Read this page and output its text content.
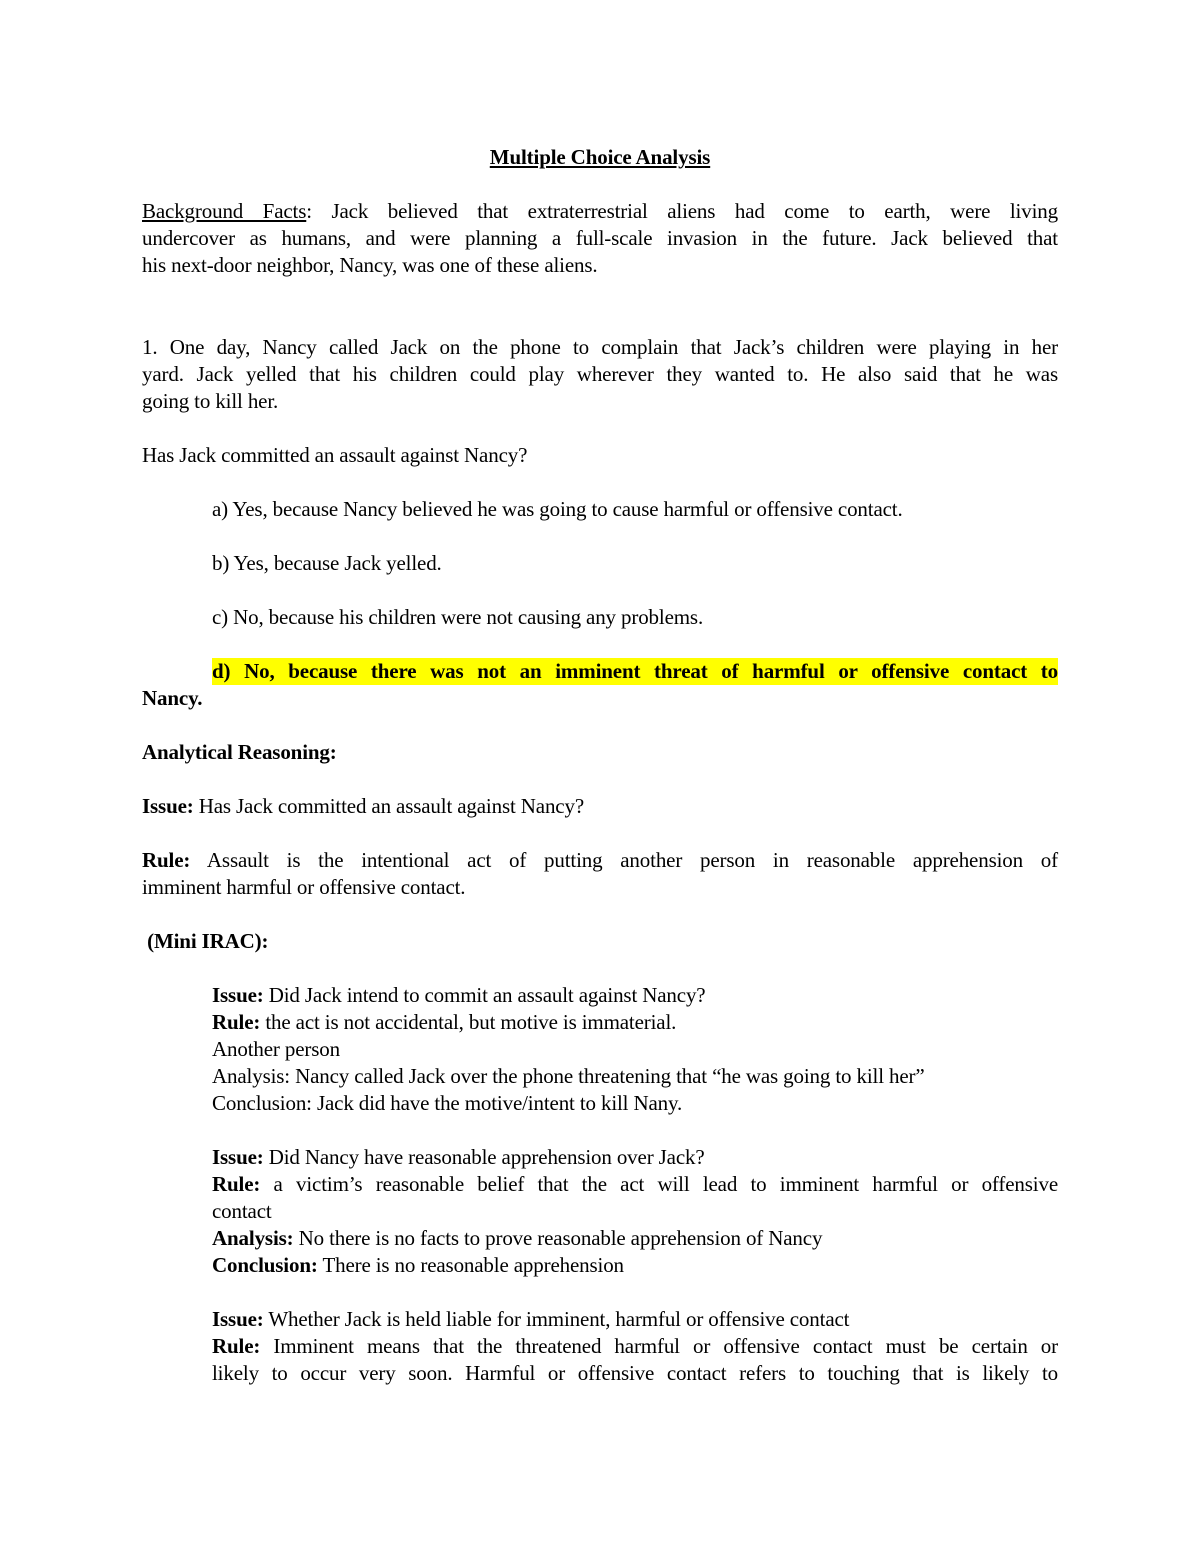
Multiple Choice Analysis
Background Facts: Jack believed that extraterrestrial aliens had come to earth, were living
undercover as humans, and were planning a full-scale invasion in the future. Jack believed that
his next-door neighbor, Nancy, was one of these aliens.
1. One day, Nancy called Jack on the phone to complain that Jack’s children were playing in her
yard. Jack yelled that his children could play wherever they wanted to. He also said that he was
going to kill her.
Has Jack committed an assault against Nancy?
a) Yes, because Nancy believed he was going to cause harmful or offensive contact.
b) Yes, because Jack yelled.
c) No, because his children were not causing any problems.
d) No, because there was not an imminent threat of harmful or offensive contact to
Nancy.
Analytical Reasoning:
Issue: Has Jack committed an assault against Nancy?
Rule: Assault is the intentional act of putting another person in reasonable apprehension of
imminent harmful or offensive contact.
(Mini IRAC):
Issue: Did Jack intend to commit an assault against Nancy?
Rule: the act is not accidental, but motive is immaterial.
Another person
Analysis: Nancy called Jack over the phone threatening that “he was going to kill her”
Conclusion: Jack did have the motive/intent to kill Nany.
Issue: Did Nancy have reasonable apprehension over Jack?
Rule: a victim’s reasonable belief that the act will lead to imminent harmful or offensive
contact
Analysis: No there is no facts to prove reasonable apprehension of Nancy
Conclusion: There is no reasonable apprehension
Issue: Whether Jack is held liable for imminent, harmful or offensive contact
Rule: Imminent means that the threatened harmful or offensive contact must be certain or
likely to occur very soon. Harmful or offensive contact refers to touching that is likely to
